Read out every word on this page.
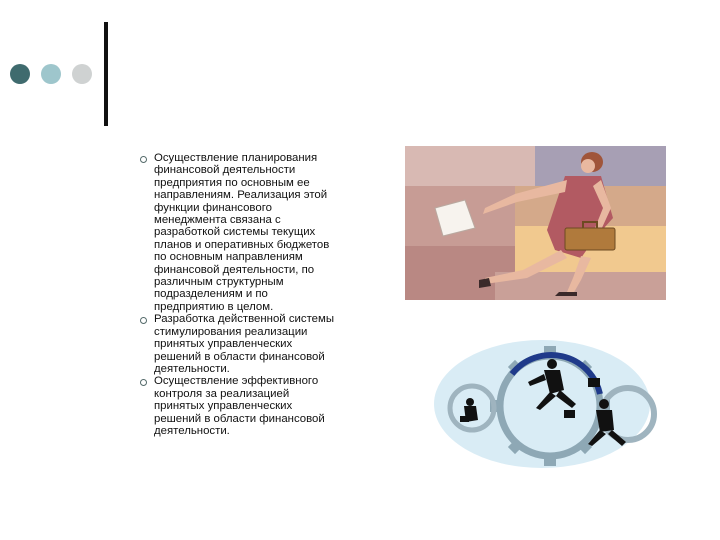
Осуществление планирования
финансовой деятельности
предприятия по основным ее
направлениям. Реализация этой
функции финансового
менеджмента связана с
разработкой системы текущих
планов и оперативных бюджетов
по основным направлениям
финансовой деятельности, по
различным структурным
подразделениям и по
предприятию в целом.
Разработка действенной системы
стимулирования реализации
принятых управленческих
решений в области финансовой
деятельности.
Осуществление эффективного
контроля за реализацией
принятых управленческих
решений в области финансовой
деятельности.
